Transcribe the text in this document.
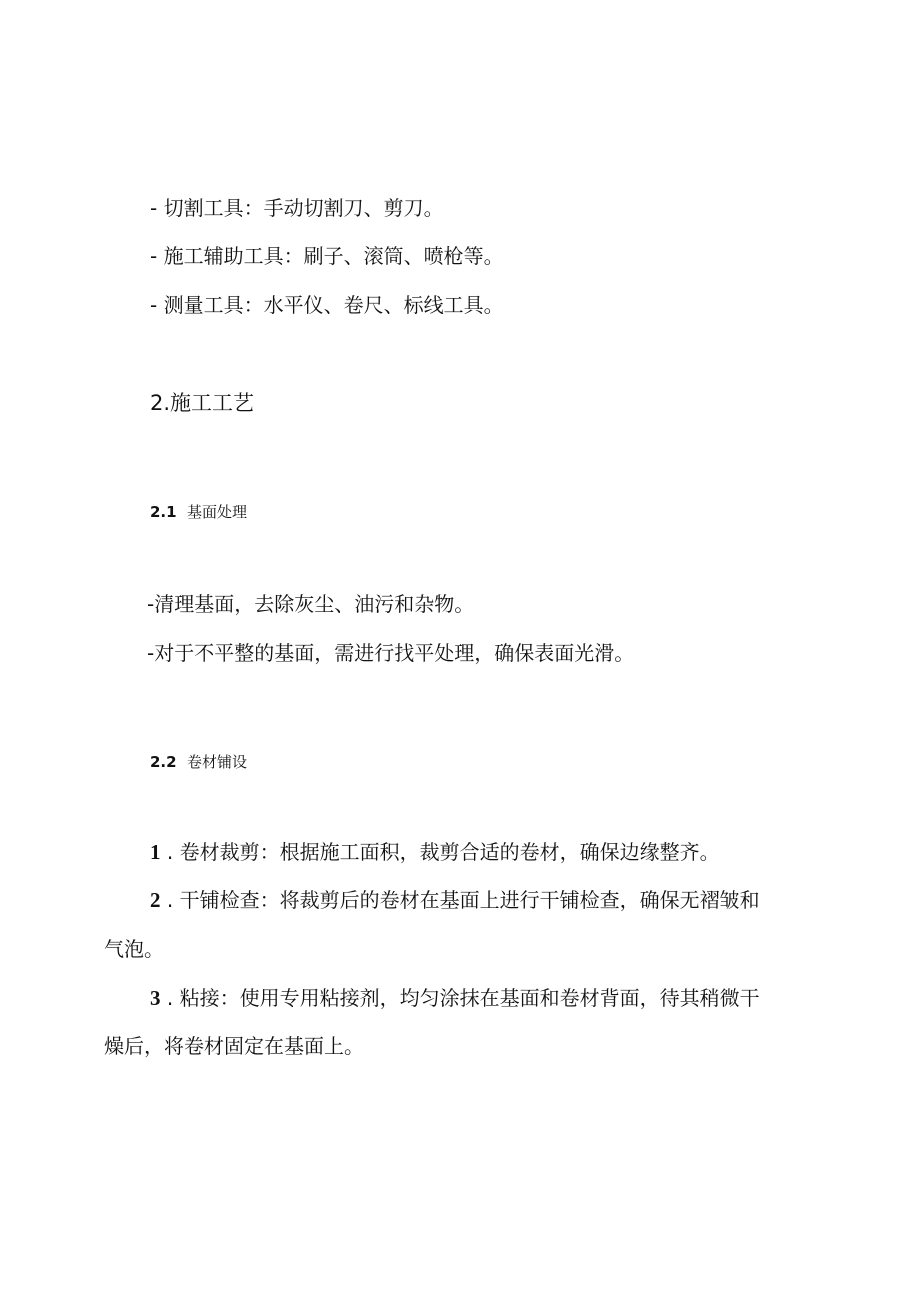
- 切割工具：手动切割刀、剪刀。
- 施工辅助工具：刷子、滚筒、喷枪等。
- 测量工具：水平仪、卷尺、标线工具。
2.施工工艺
2.1 基面处理
-清理基面，去除灰尘、油污和杂物。
-对于不平整的基面，需进行找平处理，确保表面光滑。
2.2 卷材铺设
1 . 卷材裁剪：根据施工面积，裁剪合适的卷材，确保边缘整齐。
2 . 干铺检查：将裁剪后的卷材在基面上进行干铺检查，确保无褶皱和
气泡。
3 . 粘接：使用专用粘接剂，均匀涂抹在基面和卷材背面，待其稍微干
燥后，将卷材固定在基面上。
